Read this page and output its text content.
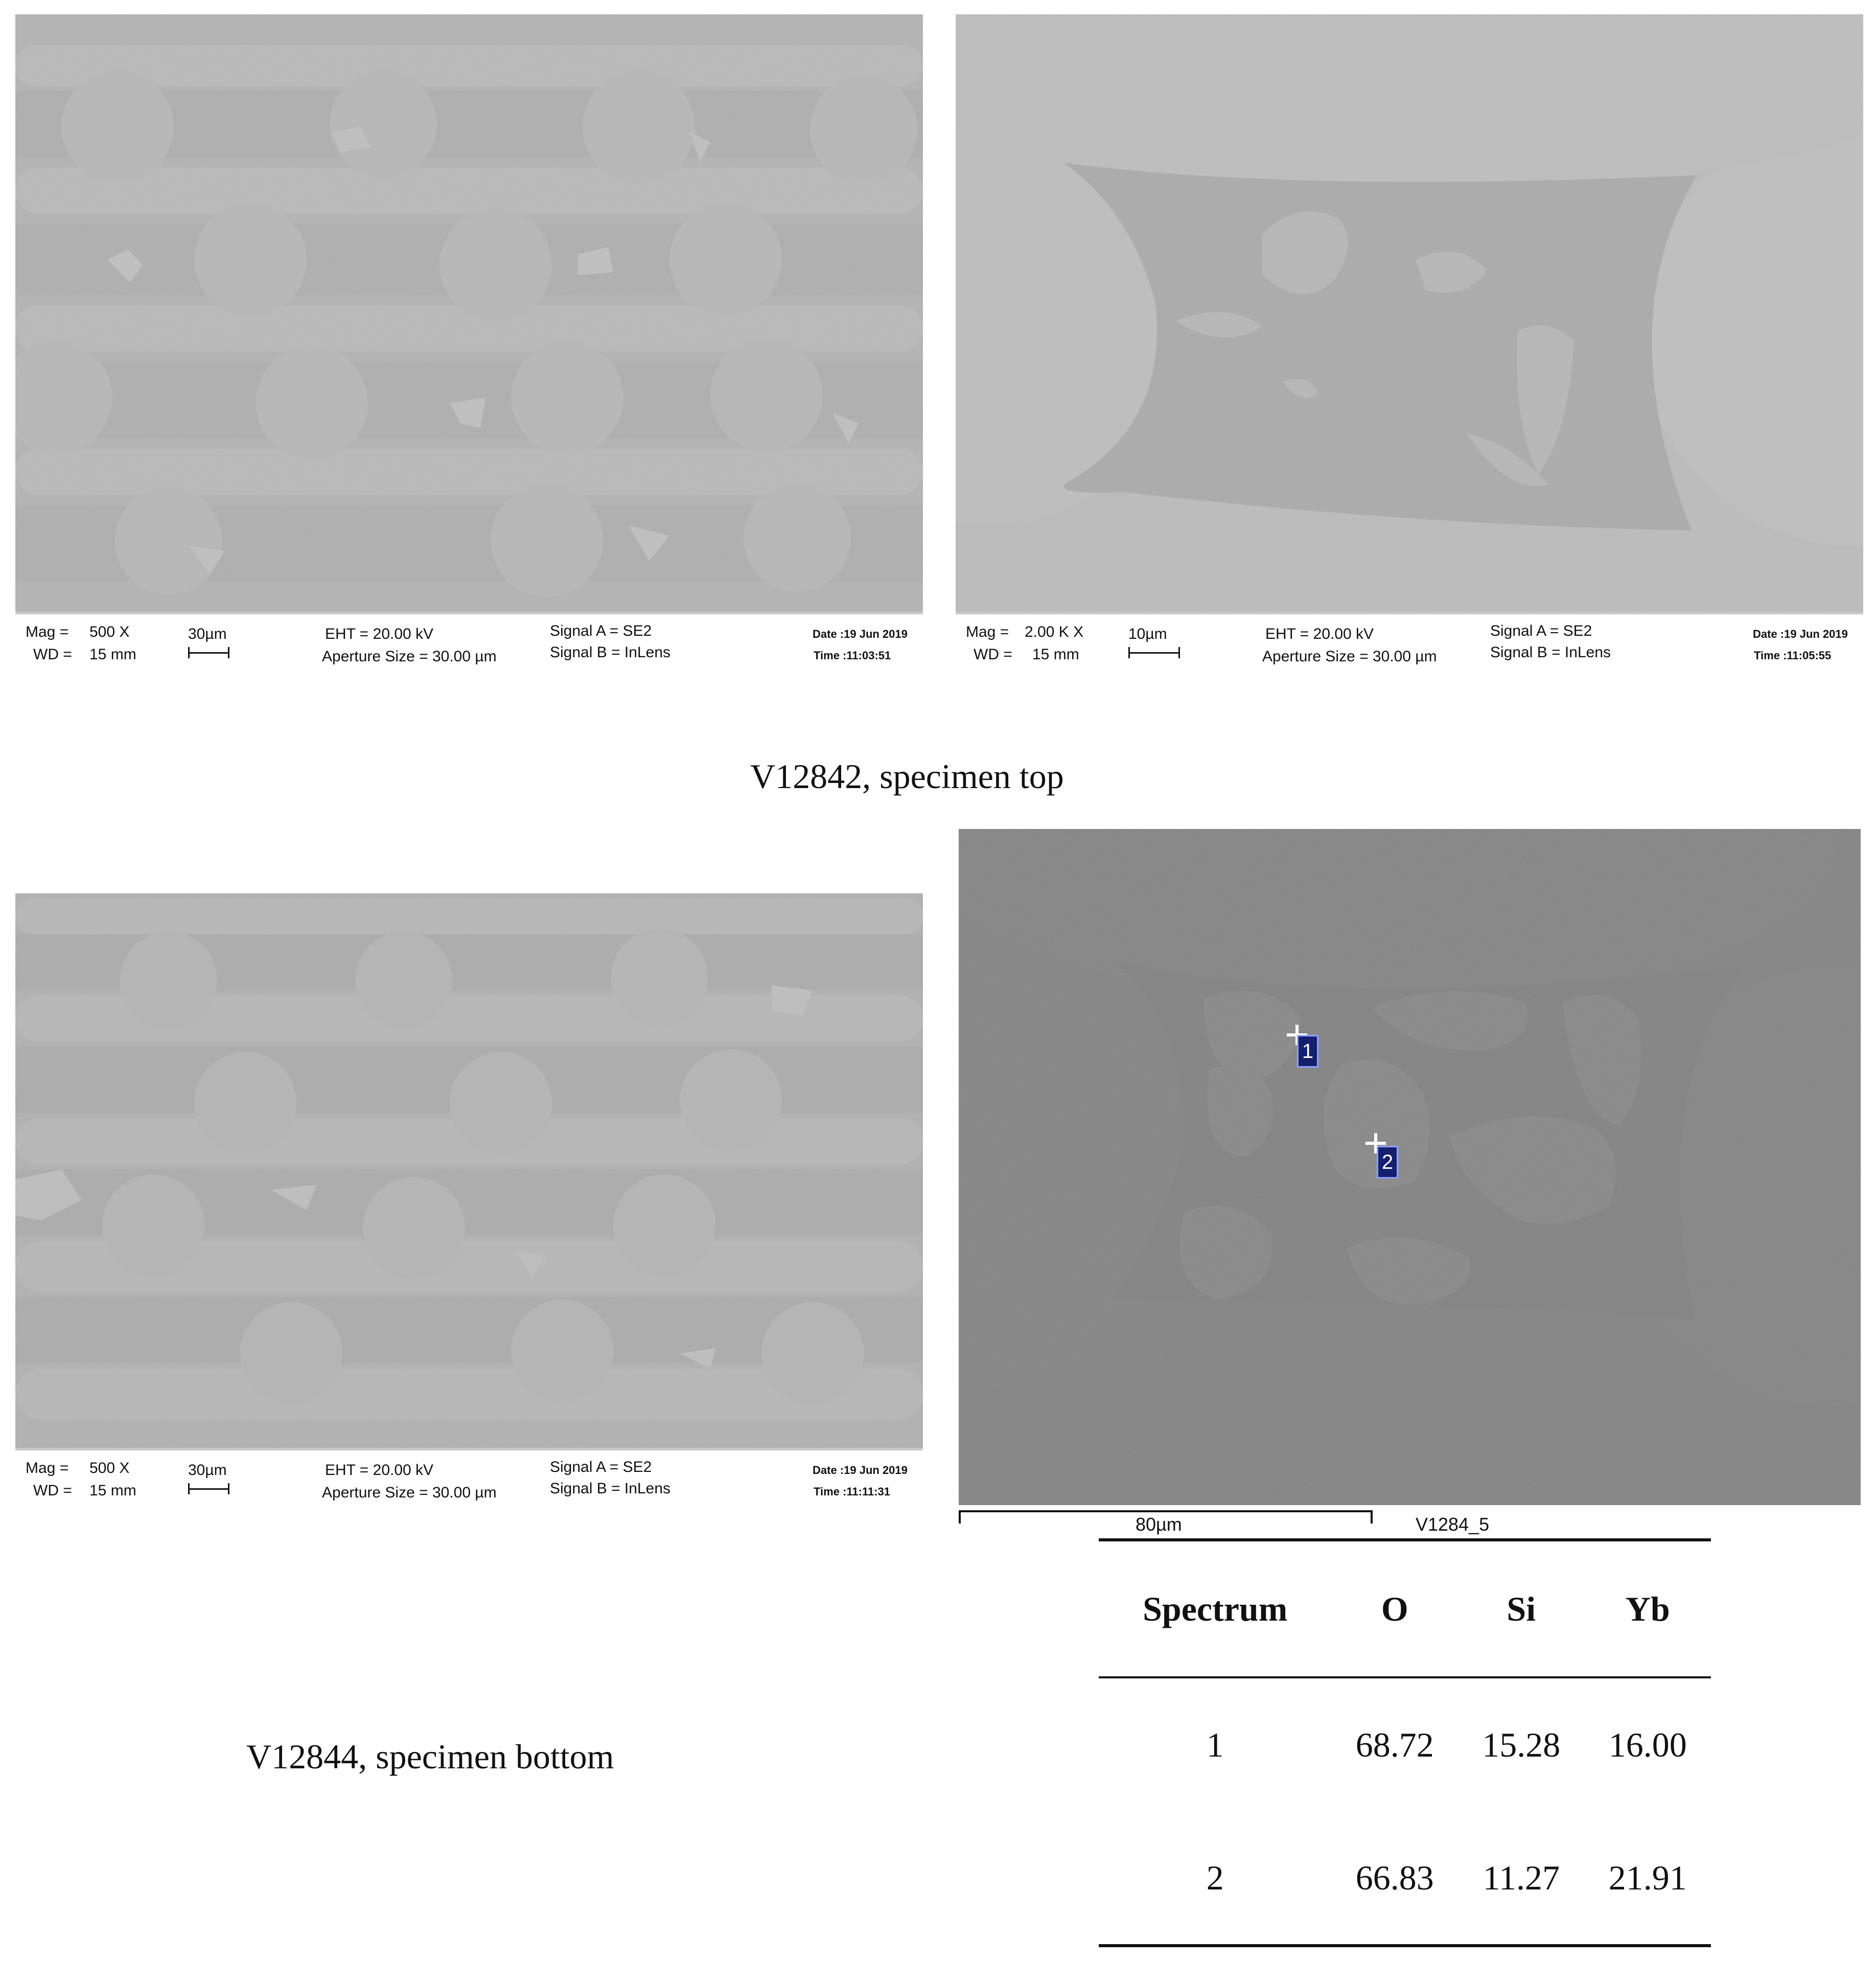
Mag = 500 X
WD = 15 mm
30µm	EHT = 20.00 kV
Aperture Size = 30.00 µm
Signal A = SE2
Signal B = InLens
Date :19 Jun 2019
Time :11:03:51
Mag = 2.00 K X
WD = 15 mm
10µm	EHT = 20.00 kV
Aperture Size = 30.00 µm
Signal A = SE2
Signal B = InLens
Date :19 Jun 2019
Time :11:05:55
V12842, specimen top
Mag = 500 X
WD = 15 mm
30µm	EHT = 20.00 kV
Aperture Size = 30.00 µm
Signal A = SE2
Signal B = InLens
Date :19 Jun 2019
Time :11:11:31
1
2
80µm	V1284_5
V12844, specimen bottom
Spectrum	O	Si	Yb
1	68.72	15.28	16.00
2	66.83	11.27	21.91
